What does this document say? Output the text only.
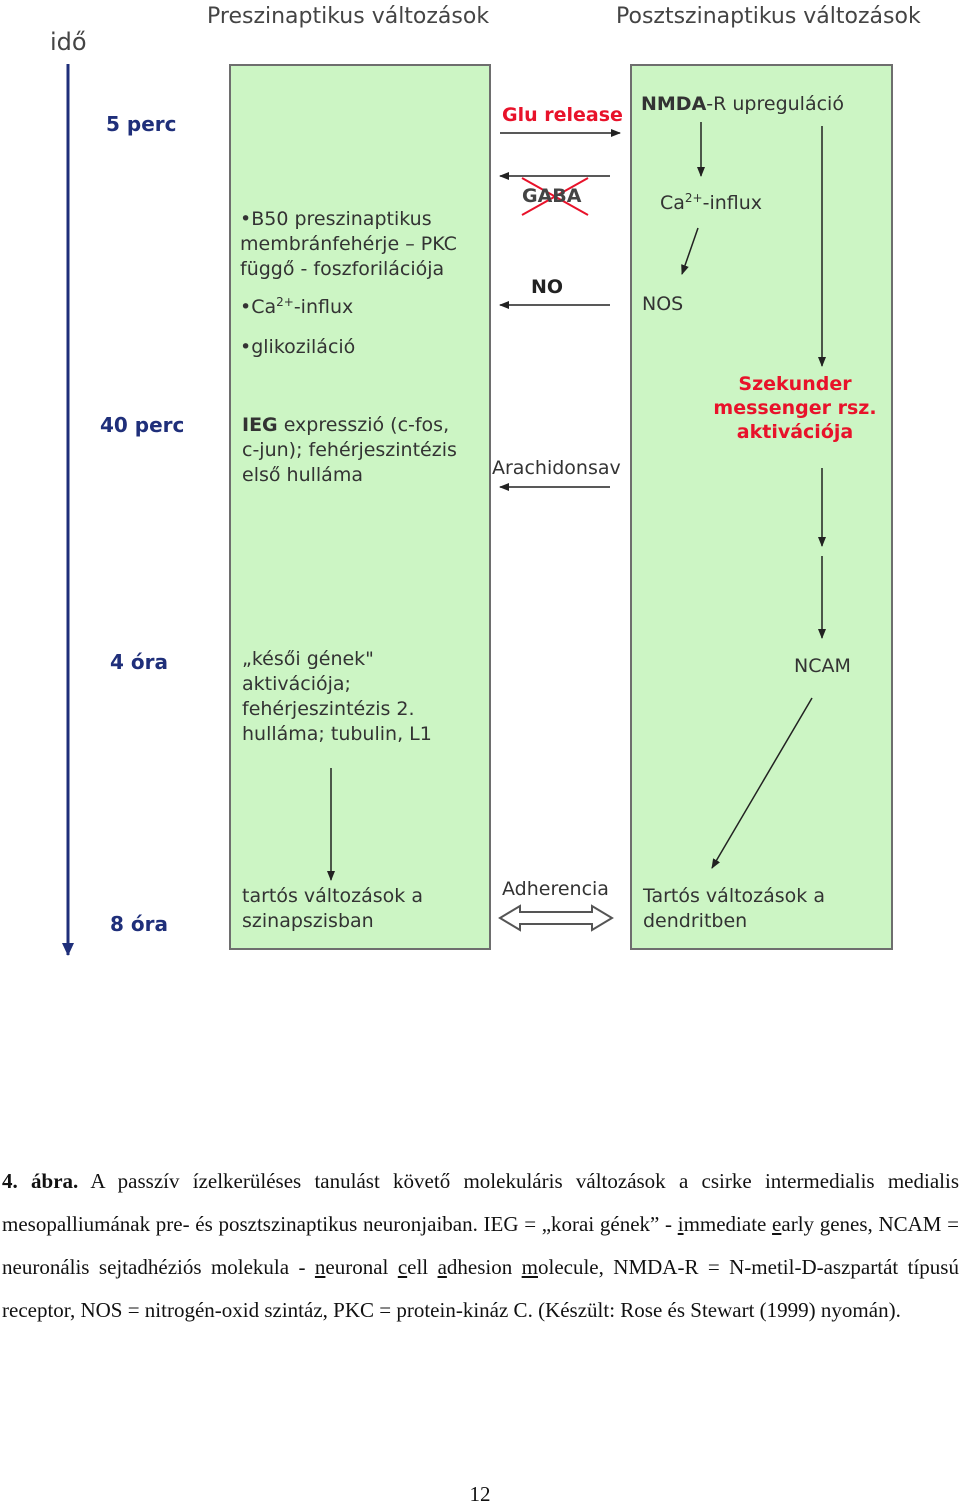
idő
Preszinaptikus változások	Posztszinaptikus változások
5 perc
40 perc
4 óra
8 óra
•B50 preszinaptikus
membránfehérje – PKC
függő - foszforilációja
$•Ca^{2+}$-influx
•glikoziláció
IEG expresszió (c-fos,
c-jun); fehérjeszintézis
első hulláma
„késői gének"
aktivációja;
fehérjeszintézis 2.
hulláma; tubulin, L1
tartós változások a
szinapszisban
Glu release
GABA
NO
Arachidonsav
Adherencia
NMDA-R upreguláció
$Ca^{2+}$-influx
NOS
Szekunder
messenger rsz.
aktivációja
NCAM
Tartós változások a
dendritben
4. ábra. A passzív ízelkerüléses tanulást követő molekuláris változások a csirke intermedialis medialis mesopalliumának pre- és posztszinaptikus neuronjaiban. IEG = „korai gének” - immediate early genes, NCAM = neuronális sejtadhéziós molekula - neuronal cell adhesion molecule, NMDA-R = N-metil-D-aszpartát típusú receptor, NOS = nitrogén-oxid szintáz, PKC = protein-kináz C. (Készült: Rose és Stewart (1999) nyomán).
12
